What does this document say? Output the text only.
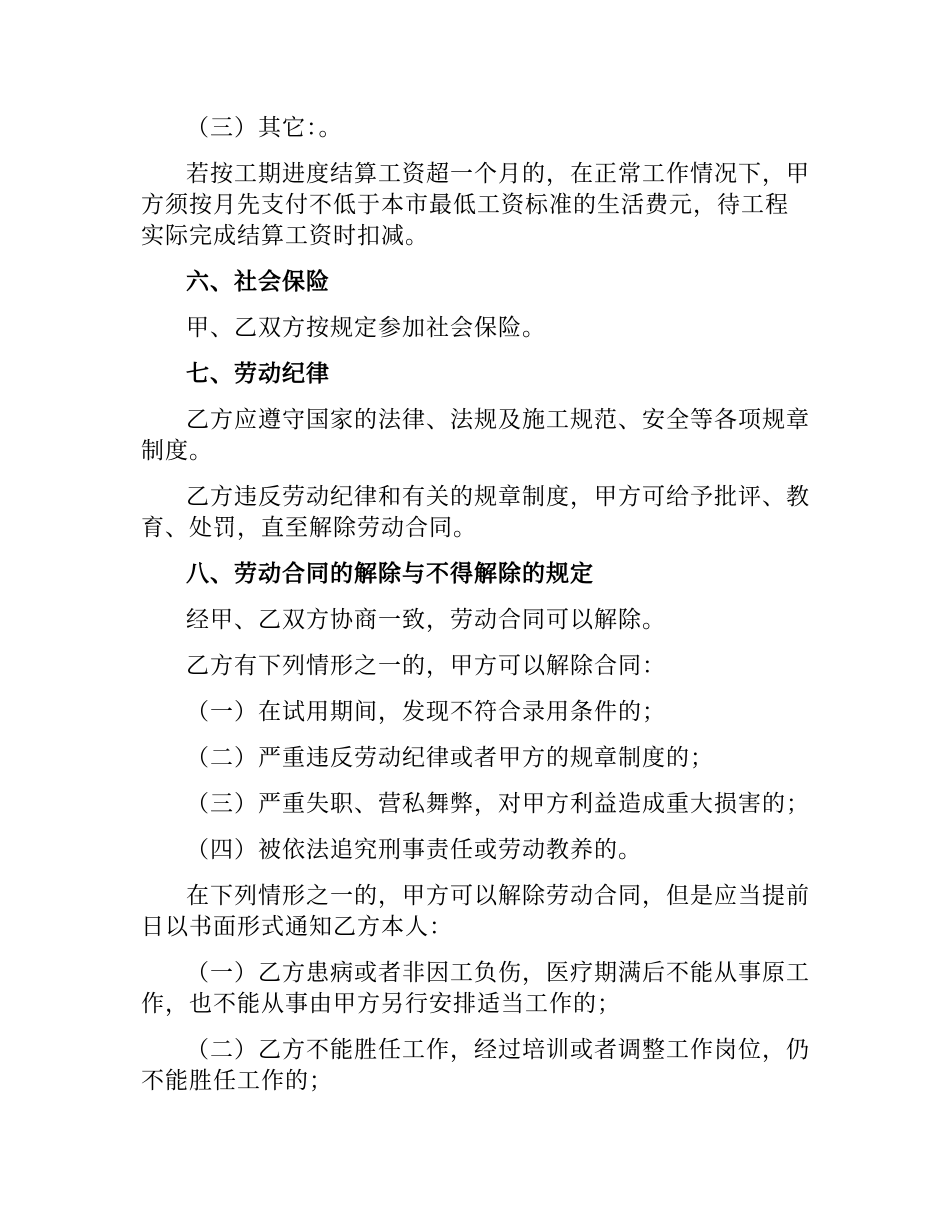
（三）其它：。

若按工期进度结算工资超一个月的，在正常工作情况下，甲方须按月先支付不低于本市最低工资标准的生活费元，待工程实际完成结算工资时扣减。

六、社会保险

甲、乙双方按规定参加社会保险。

七、劳动纪律

乙方应遵守国家的法律、法规及施工规范、安全等各项规章制度。

乙方违反劳动纪律和有关的规章制度，甲方可给予批评、教育、处罚，直至解除劳动合同。

八、劳动合同的解除与不得解除的规定

经甲、乙双方协商一致，劳动合同可以解除。

乙方有下列情形之一的，甲方可以解除合同：

（一）在试用期间，发现不符合录用条件的；

（二）严重违反劳动纪律或者甲方的规章制度的；

（三）严重失职、营私舞弊，对甲方利益造成重大损害的；

（四）被依法追究刑事责任或劳动教养的。

在下列情形之一的，甲方可以解除劳动合同，但是应当提前日以书面形式通知乙方本人：

（一）乙方患病或者非因工负伤，医疗期满后不能从事原工作，也不能从事由甲方另行安排适当工作的；

（二）乙方不能胜任工作，经过培训或者调整工作岗位，仍不能胜任工作的；
